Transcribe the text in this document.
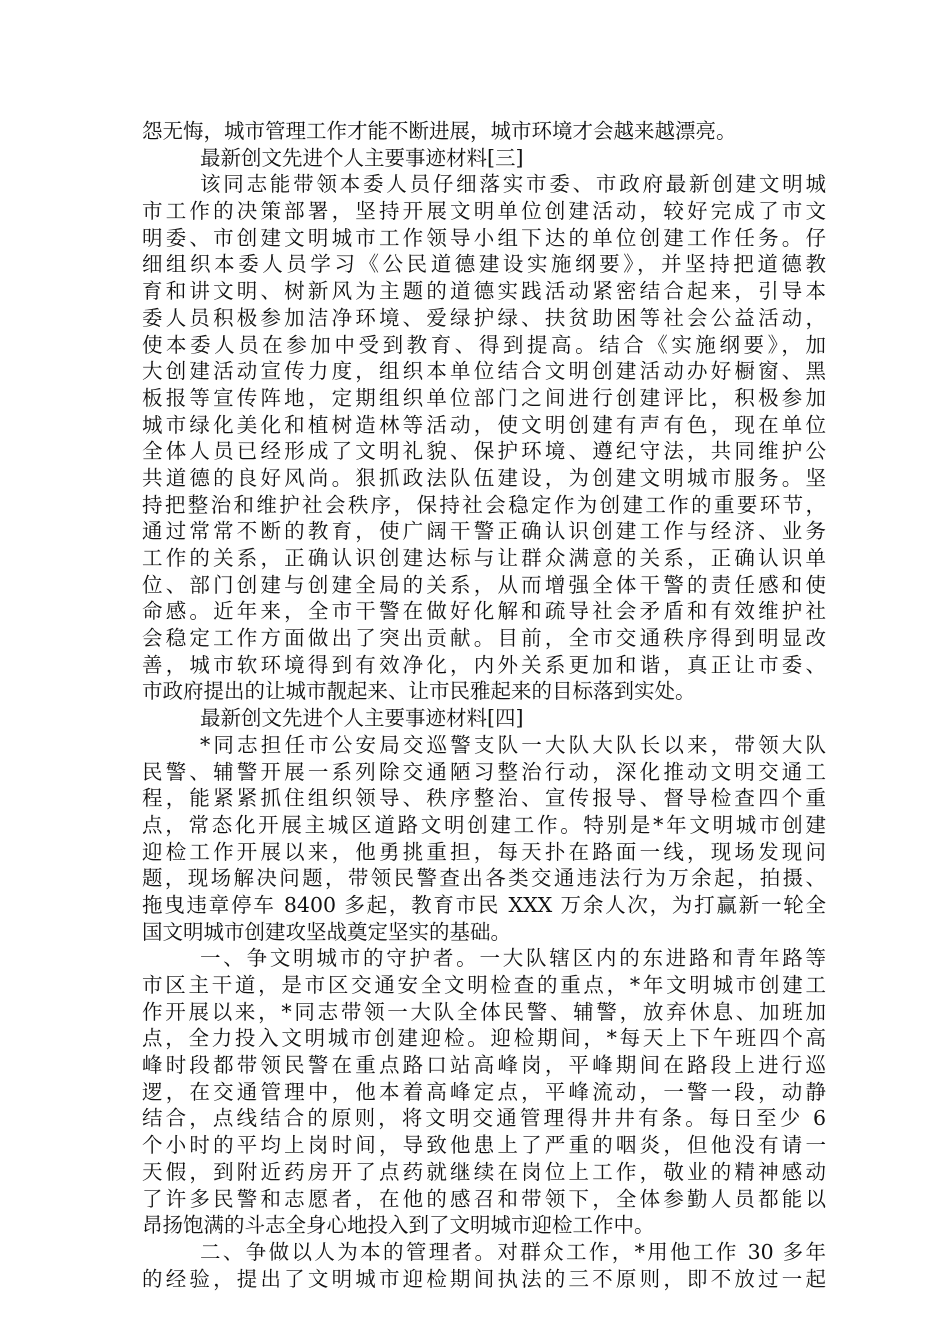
怨无悔，城市管理工作才能不断进展，城市环境才会越来越漂亮。
最新创文先进个人主要事迹材料[三]
该同志能带领本委人员仔细落实市委、市政府最新创建文明城
市工作的决策部署，坚持开展文明单位创建活动，较好完成了市文
明委、市创建文明城市工作领导小组下达的单位创建工作任务。仔
细组织本委人员学习《公民道德建设实施纲要》，并坚持把道德教
育和讲文明、树新风为主题的道德实践活动紧密结合起来，引导本
委人员积极参加洁净环境、爱绿护绿、扶贫助困等社会公益活动，
使本委人员在参加中受到教育、得到提高。结合《实施纲要》，加
大创建活动宣传力度，组织本单位结合文明创建活动办好橱窗、黑
板报等宣传阵地，定期组织单位部门之间进行创建评比，积极参加
城市绿化美化和植树造林等活动，使文明创建有声有色，现在单位
全体人员已经形成了文明礼貌、保护环境、遵纪守法，共同维护公
共道德的良好风尚。狠抓政法队伍建设，为创建文明城市服务。坚
持把整治和维护社会秩序，保持社会稳定作为创建工作的重要环节，
通过常常不断的教育，使广阔干警正确认识创建工作与经济、业务
工作的关系，正确认识创建达标与让群众满意的关系，正确认识单
位、部门创建与创建全局的关系，从而增强全体干警的责任感和使
命感。近年来，全市干警在做好化解和疏导社会矛盾和有效维护社
会稳定工作方面做出了突出贡献。目前，全市交通秩序得到明显改
善，城市软环境得到有效净化，内外关系更加和谐，真正让市委、
市政府提出的让城市靓起来、让市民雅起来的目标落到实处。
最新创文先进个人主要事迹材料[四]
*同志担任市公安局交巡警支队一大队大队长以来，带领大队
民警、辅警开展一系列除交通陋习整治行动，深化推动文明交通工
程，能紧紧抓住组织领导、秩序整治、宣传报导、督导检查四个重
点，常态化开展主城区道路文明创建工作。特别是*年文明城市创建
迎检工作开展以来，他勇挑重担，每天扑在路面一线，现场发现问
题，现场解决问题，带领民警查出各类交通违法行为万余起，拍摄、
拖曳违章停车 8400 多起，教育市民 XXX 万余人次，为打赢新一轮全
国文明城市创建攻坚战奠定坚实的基础。
一、争文明城市的守护者。一大队辖区内的东进路和青年路等
市区主干道，是市区交通安全文明检查的重点，*年文明城市创建工
作开展以来，*同志带领一大队全体民警、辅警，放弃休息、加班加
点，全力投入文明城市创建迎检。迎检期间，*每天上下午班四个高
峰时段都带领民警在重点路口站高峰岗，平峰期间在路段上进行巡
逻，在交通管理中，他本着高峰定点，平峰流动，一警一段，动静
结合，点线结合的原则，将文明交通管理得井井有条。每日至少 6
个小时的平均上岗时间，导致他患上了严重的咽炎，但他没有请一
天假，到附近药房开了点药就继续在岗位上工作，敬业的精神感动
了许多民警和志愿者，在他的感召和带领下，全体参勤人员都能以
昂扬饱满的斗志全身心地投入到了文明城市迎检工作中。
二、争做以人为本的管理者。对群众工作，*用他工作 30 多年
的经验，提出了文明城市迎检期间执法的三不原则，即不放过一起
